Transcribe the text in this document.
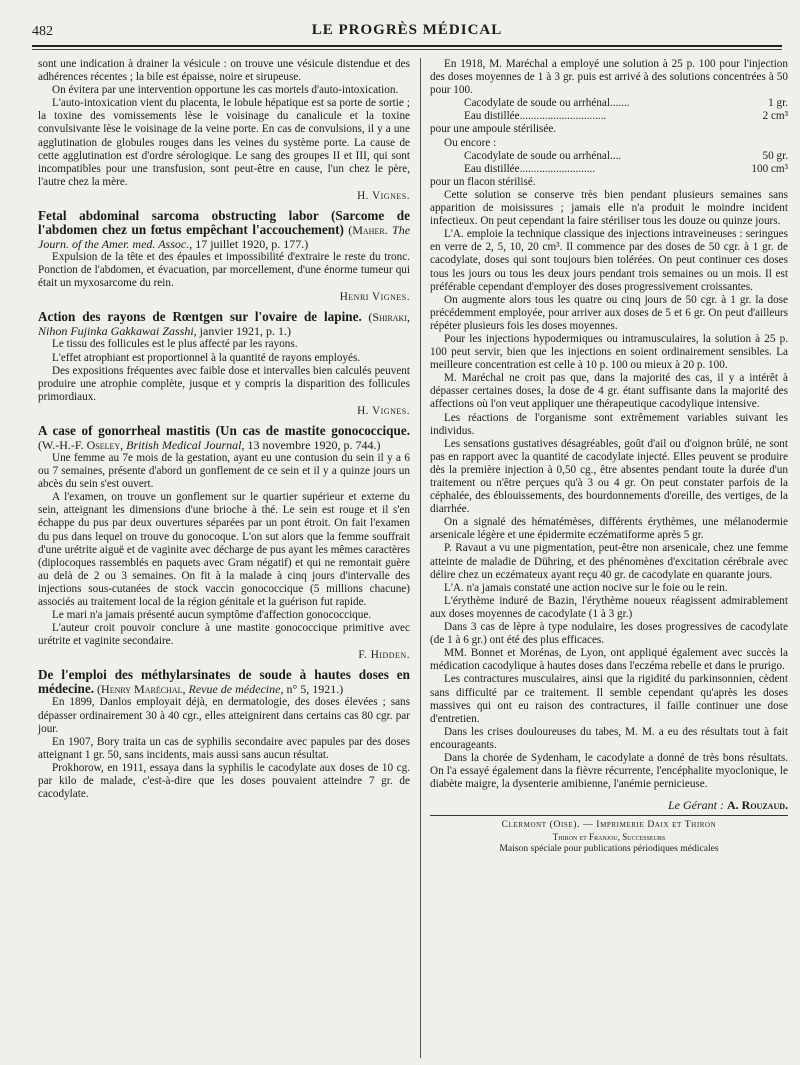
482	LE PROGRÈS MÉDICAL

sont une indication à drainer la vésicule : on trouve une vésicule distendue et des adhérences récentes ; la bile est épaisse, noire et sirupeuse.

On évitera par une intervention opportune les cas mortels d'auto-intoxication.

L'auto-intoxication vient du placenta, le lobule hépatique est sa porte de sortie ; la toxine des vomissements lèse le voisinage du canalicule et la toxine convulsivante lèse le voisinage de la veine porte. En cas de convulsions, il y a une agglutination de globules rouges dans les veines du système porte. La cause de cette agglutination est d'ordre sérologique. Le sang des groupes II et III, qui sont incompatibles pour une transfusion, sont peut-être en cause, l'un chez le père, l'autre chez la mère.

H. Vignes.
Fetal abdominal sarcoma obstructing labor (Sarcome de l'abdomen chez un fœtus empêchant l'accouchement) (Maher. The Journ. of the Amer. med. Assoc., 17 juillet 1920, p. 177.)

Expulsion de la tête et des épaules et impossibilité d'extraire le reste du tronc. Ponction de l'abdomen, et évacuation, par morcellement, d'une énorme tumeur qui était un myxosarcome du rein.

Henri Vignes.
Action des rayons de Rœntgen sur l'ovaire de lapine. (Shiraki, Nihon Fujinka Gakkawai Zasshi, janvier 1921, p. 1.)

Le tissu des follicules est le plus affecté par les rayons.

L'effet atrophiant est proportionnel à la quantité de rayons employés.

Des expositions fréquentes avec faible dose et intervalles bien calculés peuvent produire une atrophie complète, jusque et y compris la disparition des follicules primordiaux.

H. Vignes.
A case of gonorrheal mastitis (Un cas de mastite gonococcique. (W.-H.-F. Oseley, British Medical Journal, 13 novembre 1920, p. 744.)

Une femme au 7e mois de la gestation, ayant eu une contusion du sein il y a 6 ou 7 semaines, présente d'abord un gonflement de ce sein et il y a quinze jours un abcès du sein s'est ouvert.

A l'examen, on trouve un gonflement sur le quartier supérieur et externe du sein, atteignant les dimensions d'une brioche à thé. Le sein est rouge et il s'en échappe du pus par deux ouvertures séparées par un pont étroit. On fait l'examen du pus dans lequel on trouve du gonocoque. L'on sut alors que la femme souffrait d'une urétrite aiguë et de vaginite avec décharge de pus ayant les mêmes caractères (diplocoques rassemblés en paquets avec Gram négatif) et qui ne remontait guère au delà de 2 ou 3 semaines. On fit à la malade à cinq jours d'intervalle des injections sous-cutanées de stock vaccin gonococcique (5 millions chacune) associés au traitement local de la région génitale et la guérison fut rapide.

Le mari n'a jamais présenté aucun symptôme d'affection gonococcique.

L'auteur croit pouvoir conclure à une mastite gonococcique primitive avec urétrite et vaginite secondaire.

F. Hidden.
De l'emploi des méthylarsinates de soude à hautes doses en médecine. (Henry Maréchal, Revue de médecine, n° 5, 1921.)

En 1899, Danlos employait déjà, en dermatologie, des doses élevées ; sans dépasser ordinairement 30 à 40 cgr., elles atteignirent dans certains cas 80 cgr. par jour.

En 1907, Bory traita un cas de syphilis secondaire avec papules par des doses atteignant 1 gr. 50, sans incidents, mais aussi sans aucun résultat.

Prokhorow, en 1911, essaya dans la syphilis le cacodylate aux doses de 10 cg. par kilo de malade, c'est-à-dire que les doses pouvaient atteindre 7 gr. de cacodylate.

En 1918, M. Maréchal a employé une solution à 25 p. 100 pour l'injection des doses moyennes de 1 à 3 gr. puis est arrivé à des solutions concentrées à 50 pour 100.

Cacodylate de soude ou arrhénal.......	1 gr.
Eau distillée...............................	2 cm³

pour une ampoule stérilisée.

Ou encore :

Cacodylate de soude ou arrhénal....	50 gr.
Eau distillée...........................	100 cm³

pour un flacon stérilisé.

Cette solution se conserve très bien pendant plusieurs semaines sans apparition de moisissures ; jamais elle n'a produit le moindre incident infectieux. On peut cependant la faire stériliser tous les douze ou quinze jours.

L'A. emploie la technique classique des injections intraveineuses : seringues en verre de 2, 5, 10, 20 cm³. Il commence par des doses de 50 cgr. à 1 gr. de cacodylate, doses qui sont toujours bien tolérées. On peut continuer ces doses tous les jours ou tous les deux jours pendant trois semaines ou un mois. Il est préférable cependant d'employer des doses progressivement croissantes.

On augmente alors tous les quatre ou cinq jours de 50 cgr. à 1 gr. la dose précédemment employée, pour arriver aux doses de 5 et 6 gr. On peut d'ailleurs répéter plusieurs fois les doses moyennes.

Pour les injections hypodermiques ou intramusculaires, la solution à 25 p. 100 peut servir, bien que les injections en soient ordinairement sensibles. La meilleure concentration est celle à 10 p. 100 ou mieux à 20 p. 100.

M. Maréchal ne croit pas que, dans la majorité des cas, il y a intérêt à dépasser certaines doses, la dose de 4 gr. étant suffisante dans la majorité des affections où l'on veut appliquer une thérapeutique cacodylique intensive.

Les réactions de l'organisme sont extrêmement variables suivant les individus.

Les sensations gustatives désagréables, goût d'ail ou d'oignon brûlé, ne sont pas en rapport avec la quantité de cacodylate injecté. Elles peuvent se produire dès la première injection à 0,50 cg., être absentes pendant toute la durée d'un traitement ou n'être perçues qu'à 3 ou 4 gr. On peut constater parfois de la céphalée, des éblouissements, des bourdonnements d'oreille, des vertiges, de la diarrhée.

On a signalé des hématémèses, différents érythèmes, une mélanodermie arsenicale légère et une épidermite eczématiforme après 5 gr.

P. Ravaut a vu une pigmentation, peut-être non arsenicale, chez une femme atteinte de maladie de Dühring, et des phénomènes d'excitation cérébrale avec délire chez un eczémateux ayant reçu 40 gr. de cacodylate en quarante jours.

L'A. n'a jamais constaté une action nocive sur le foie ou le rein.

L'érythème induré de Bazin, l'érythème noueux réagissent admirablement aux doses moyennes de cacodylate (1 à 3 gr.)

Dans 3 cas de lèpre à type nodulaire, les doses progressives de cacodylate (de 1 à 6 gr.) ont été des plus efficaces.

MM. Bonnet et Morénas, de Lyon, ont appliqué également avec succès la médication cacodylique à hautes doses dans l'eczéma rebelle et dans le prurigo.

Les contractures musculaires, ainsi que la rigidité du parkinsonnien, cèdent sans difficulté par ce traitement. Il semble cependant qu'après les doses massives qui ont eu raison des contractures, il faille continuer une dose d'entretien.

Dans les crises douloureuses du tabes, M. M. a eu des résultats tout à fait encourageants.

Dans la chorée de Sydenham, le cacodylate a donné de très bons résultats. On l'a essayé également dans la fièvre récurrente, l'encéphalite myoclonique, le diabète maigre, la dysenterie amibienne, l'anémie pernicieuse.

Le Gérant : A. Rouzaud.
Clermont (Oise). — Imprimerie Daix et Thiron
Thiron et Franjou, Successeurs
Maison spéciale pour publications périodiques médicales
